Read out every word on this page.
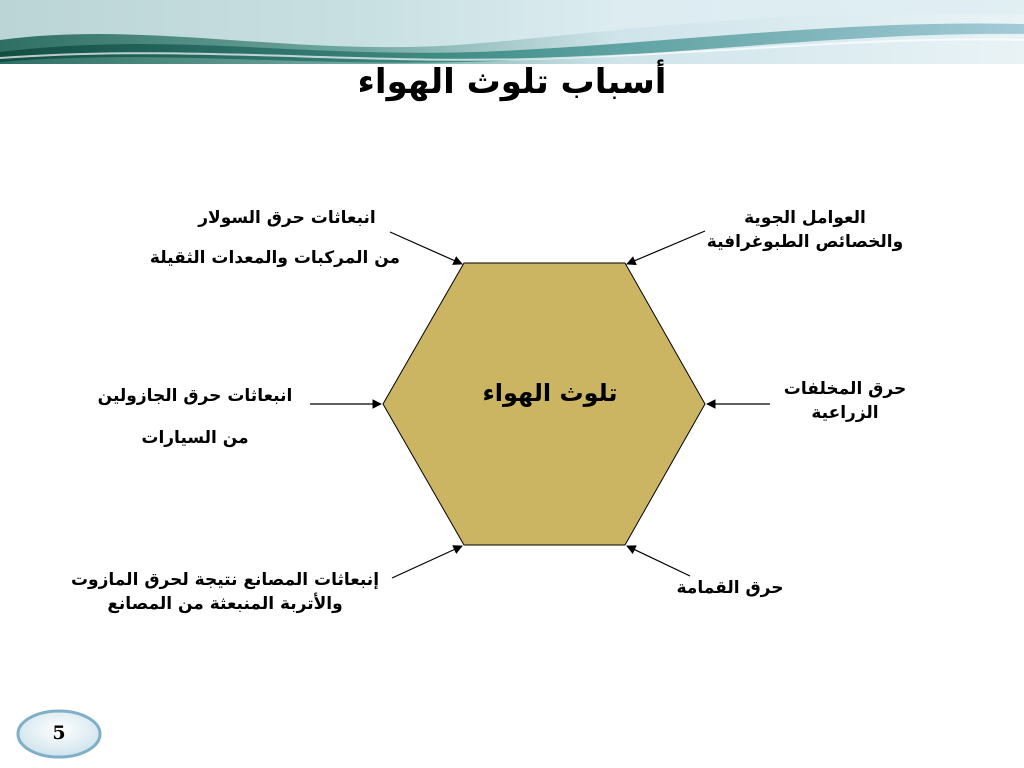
أسباب تلوث الهواء
تلوث الهواء
انبعاثات حرق السولار
من المركبات والمعدات الثقيلة
العوامل الجوية
والخصائص الطبوغرافية
انبعاثات حرق الجازولين
من السيارات
حرق المخلفات
الزراعية
إنبعاثات المصانع نتيجة لحرق المازوت
والأتربة المنبعثة من المصانع
حرق القمامة
5
